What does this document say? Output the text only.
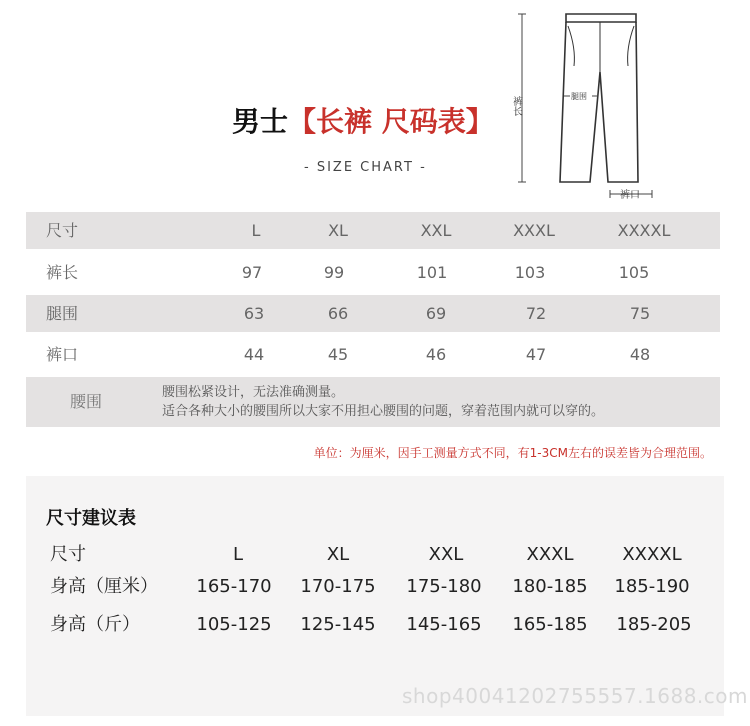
男士【长裤 尺码表】
- SIZE CHART -
裤长	腿围
裤口
尺寸	L	XL	XXL	XXXL	XXXXL
裤长	97	99	101	103	105
腿围	63	66	69	72	75
裤口	44	45	46	47	48
腰围	腰围松紧设计，无法准确测量。
适合各种大小的腰围所以大家不用担心腰围的问题，穿着范围内就可以穿的。
单位：为厘米，因手工测量方式不同，有1-3CM左右的误差皆为合理范围。
尺寸建议表
尺寸	L	XL	XXL	XXXL	XXXXL
身高（厘米）	165-170	170-175	175-180	180-185	185-190
身高（斤）	105-125	125-145	145-165	165-185	185-205
shop40041202755557.1688.com
